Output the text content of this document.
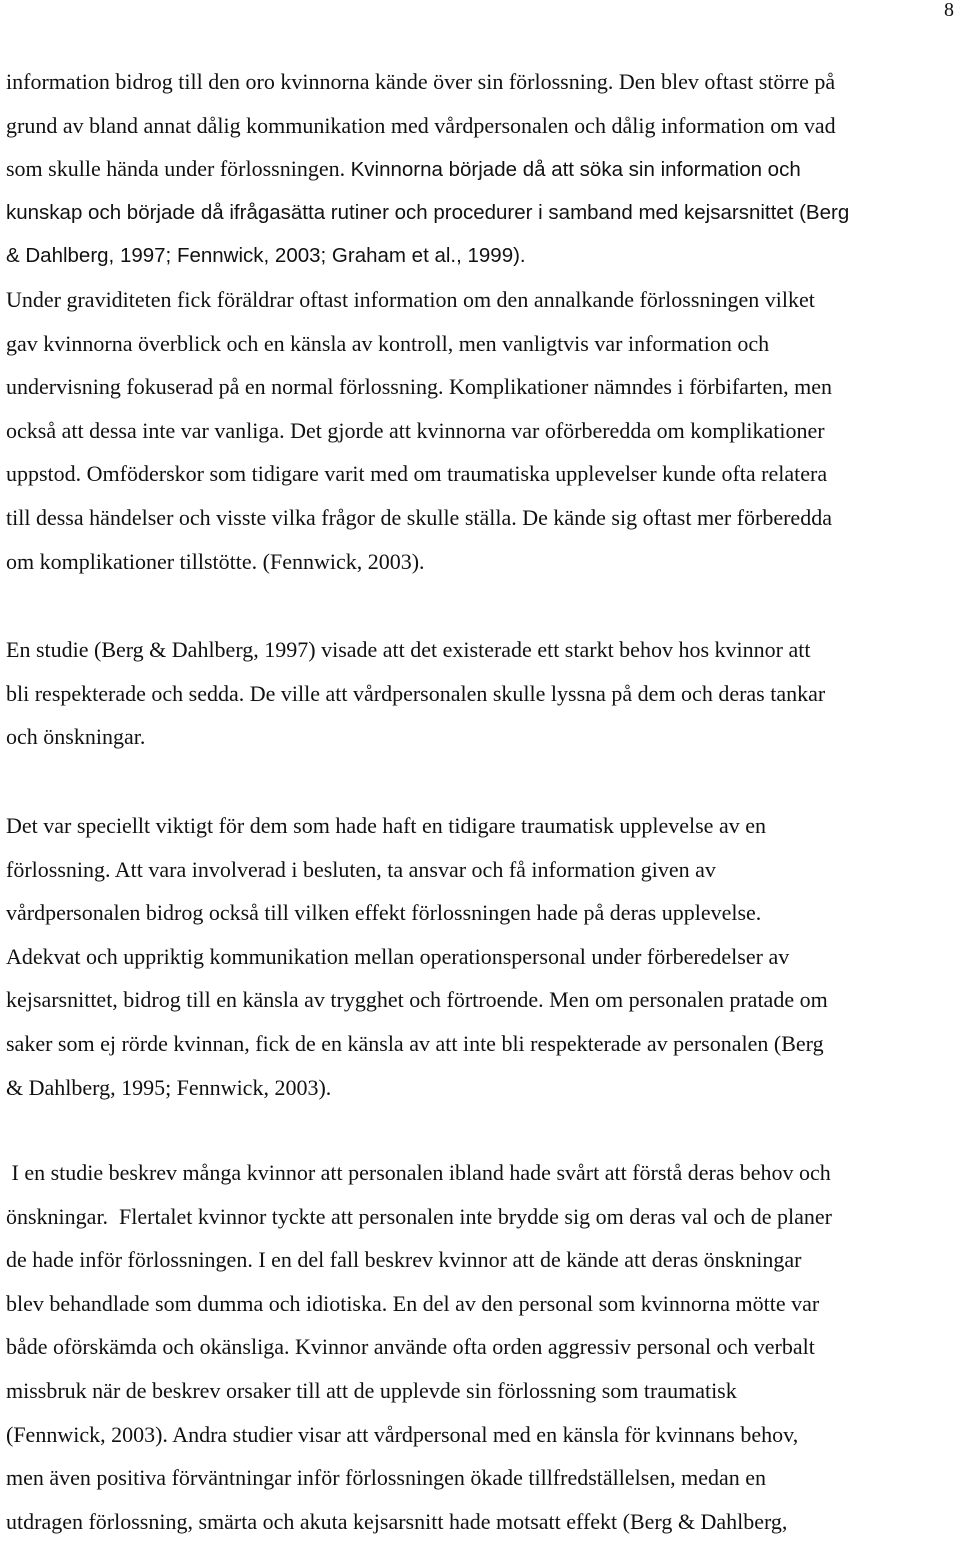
8
information bidrog till den oro kvinnorna kände över sin förlossning. Den blev oftast större på
grund av bland annat dålig kommunikation med vårdpersonalen och dålig information om vad
som skulle hända under förlossningen. Kvinnorna började då att söka sin information och
kunskap och började då ifrågasätta rutiner och procedurer i samband med kejsarsnittet (Berg
& Dahlberg, 1997; Fennwick, 2003; Graham et al., 1999).
Under graviditeten fick föräldrar oftast information om den annalkande förlossningen vilket
gav kvinnorna överblick och en känsla av kontroll, men vanligtvis var information och
undervisning fokuserad på en normal förlossning. Komplikationer nämndes i förbifarten, men
också att dessa inte var vanliga. Det gjorde att kvinnorna var oförberedda om komplikationer
uppstod. Omföderskor som tidigare varit med om traumatiska upplevelser kunde ofta relatera
till dessa händelser och visste vilka frågor de skulle ställa. De kände sig oftast mer förberedda
om komplikationer tillstötte. (Fennwick, 2003).
En studie (Berg & Dahlberg, 1997) visade att det existerade ett starkt behov hos kvinnor att
bli respekterade och sedda. De ville att vårdpersonalen skulle lyssna på dem och deras tankar
och önskningar.
Det var speciellt viktigt för dem som hade haft en tidigare traumatisk upplevelse av en
förlossning. Att vara involverad i besluten, ta ansvar och få information given av
vårdpersonalen bidrog också till vilken effekt förlossningen hade på deras upplevelse.
Adekvat och uppriktig kommunikation mellan operationspersonal under förberedelser av
kejsarsnittet, bidrog till en känsla av trygghet och förtroende. Men om personalen pratade om
saker som ej rörde kvinnan, fick de en känsla av att inte bli respekterade av personalen (Berg
& Dahlberg, 1995; Fennwick, 2003).
I en studie beskrev många kvinnor att personalen ibland hade svårt att förstå deras behov och
önskningar.  Flertalet kvinnor tyckte att personalen inte brydde sig om deras val och de planer
de hade inför förlossningen. I en del fall beskrev kvinnor att de kände att deras önskningar
blev behandlade som dumma och idiotiska. En del av den personal som kvinnorna mötte var
både oförskämda och okänsliga. Kvinnor använde ofta orden aggressiv personal och verbalt
missbruk när de beskrev orsaker till att de upplevde sin förlossning som traumatisk
(Fennwick, 2003). Andra studier visar att vårdpersonal med en känsla för kvinnans behov,
men även positiva förväntningar inför förlossningen ökade tillfredställelsen, medan en
utdragen förlossning, smärta och akuta kejsarsnitt hade motsatt effekt (Berg & Dahlberg,
